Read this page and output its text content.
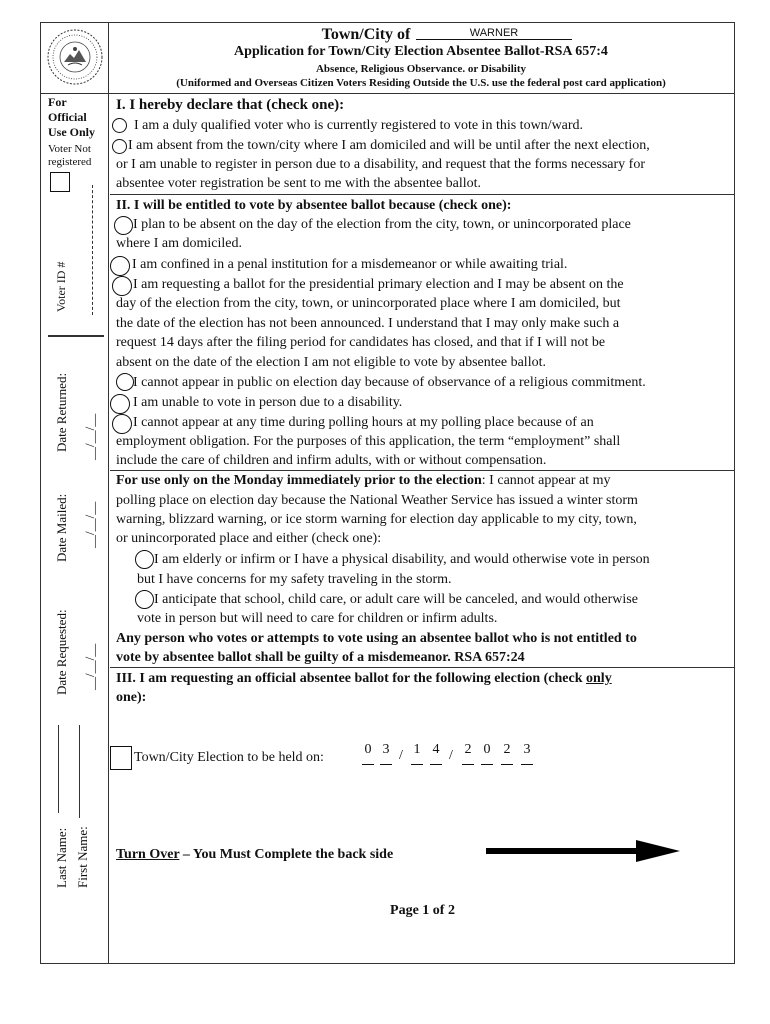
Town/City of	WARNER
Application for Town/City Election Absentee Ballot-RSA 657:4
Absence, Religious Observance. or Disability
(Uniformed and Overseas Citizen Voters Residing Outside the U.S. use the federal post card application)
For
Official
Use Only
Voter Not
registered
Voter ID #
Date Returned: __/__/__
Date Mailed: __/__/__
Date Requested: __/__/__
Last Name: First Name:
I. I hereby declare that (check one):
I am a duly qualified voter who is currently registered to vote in this town/ward.
I am absent from the town/city where I am domiciled and will be until after the next election,
or I am unable to register in person due to a disability, and request that the forms necessary for
absentee voter registration be sent to me with the absentee ballot.
II. I will be entitled to vote by absentee ballot because (check one):
I plan to be absent on the day of the election from the city, town, or unincorporated place
where I am domiciled.
I am confined in a penal institution for a misdemeanor or while awaiting trial.
I am requesting a ballot for the presidential primary election and I may be absent on the
day of the election from the city, town, or unincorporated place where I am domiciled, but
the date of the election has not been announced. I understand that I may only make such a
request 14 days after the filing period for candidates has closed, and that if I will not be
absent on the date of the election I am not eligible to vote by absentee ballot.
I cannot appear in public on election day because of observance of a religious commitment.
I am unable to vote in person due to a disability.
I cannot appear at any time during polling hours at my polling place because of an
employment obligation. For the purposes of this application, the term “employment” shall
include the care of children and infirm adults, with or without compensation.
For use only on the Monday immediately prior to the election: I cannot appear at my
polling place on election day because the National Weather Service has issued a winter storm
warning, blizzard warning, or ice storm warning for election day applicable to my city, town,
or unincorporated place and either (check one):
I am elderly or infirm or I have a physical disability, and would otherwise vote in person
but I have concerns for my safety traveling in the storm.
I anticipate that school, child care, or adult care will be canceled, and would otherwise
vote in person but will need to care for children or infirm adults.
Any person who votes or attempts to vote using an absentee ballot who is not entitled to
vote by absentee ballot shall be guilty of a misdemeanor. RSA 657:24
III. I am requesting an official absentee ballot for the following election (check only
one):
Town/City Election to be held on:
0 3 / 1 4 / 2 0 2 3
Turn Over – You Must Complete the back side
Page 1 of 2
